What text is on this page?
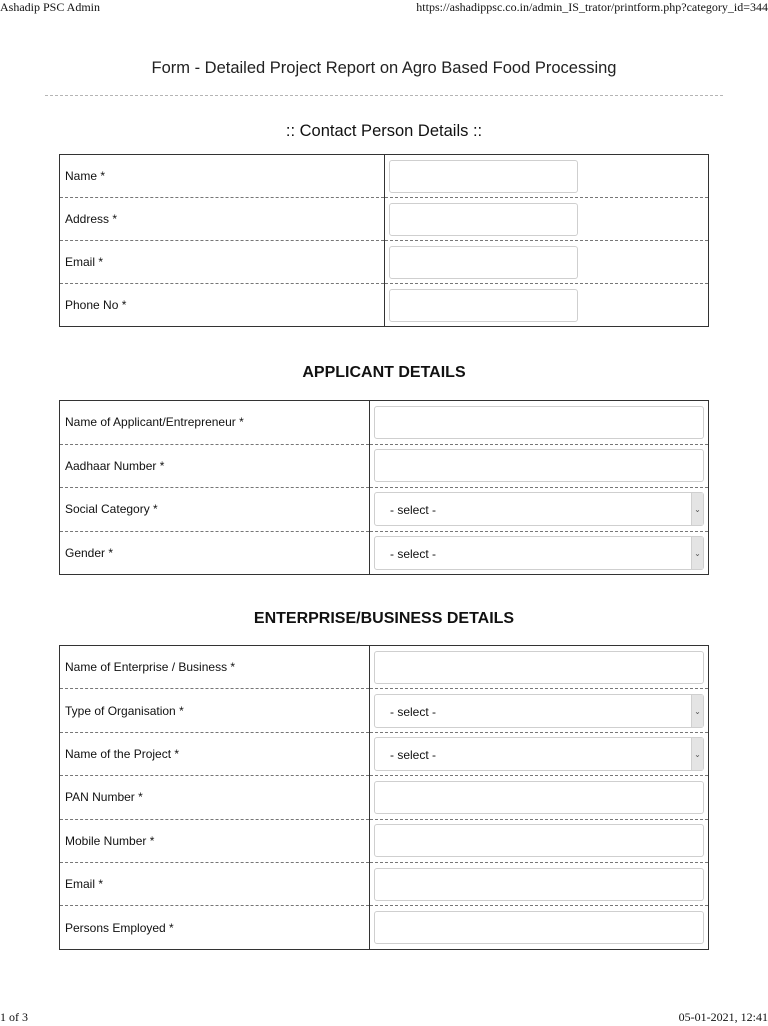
Ashadip PSC Admin	https://ashadippsc.co.in/admin_IS_trator/printform.php?category_id=344
Form - Detailed Project Report on Agro Based Food Processing
:: Contact Person Details ::
Name *	

Address *	

Email *	

Phone No *	
APPLICANT DETAILS
Name of Applicant/Entrepreneur *	

Aadhaar Number *	

Social Category *	- select - ⌄

Gender *	- select - ⌄
ENTERPRISE/BUSINESS DETAILS
Name of Enterprise / Business *	

Type of Organisation *	- select - ⌄

Name of the Project *	- select - ⌄

PAN Number *	

Mobile Number *	

Email *	

Persons Employed *	
1 of 3	05-01-2021, 12:41
